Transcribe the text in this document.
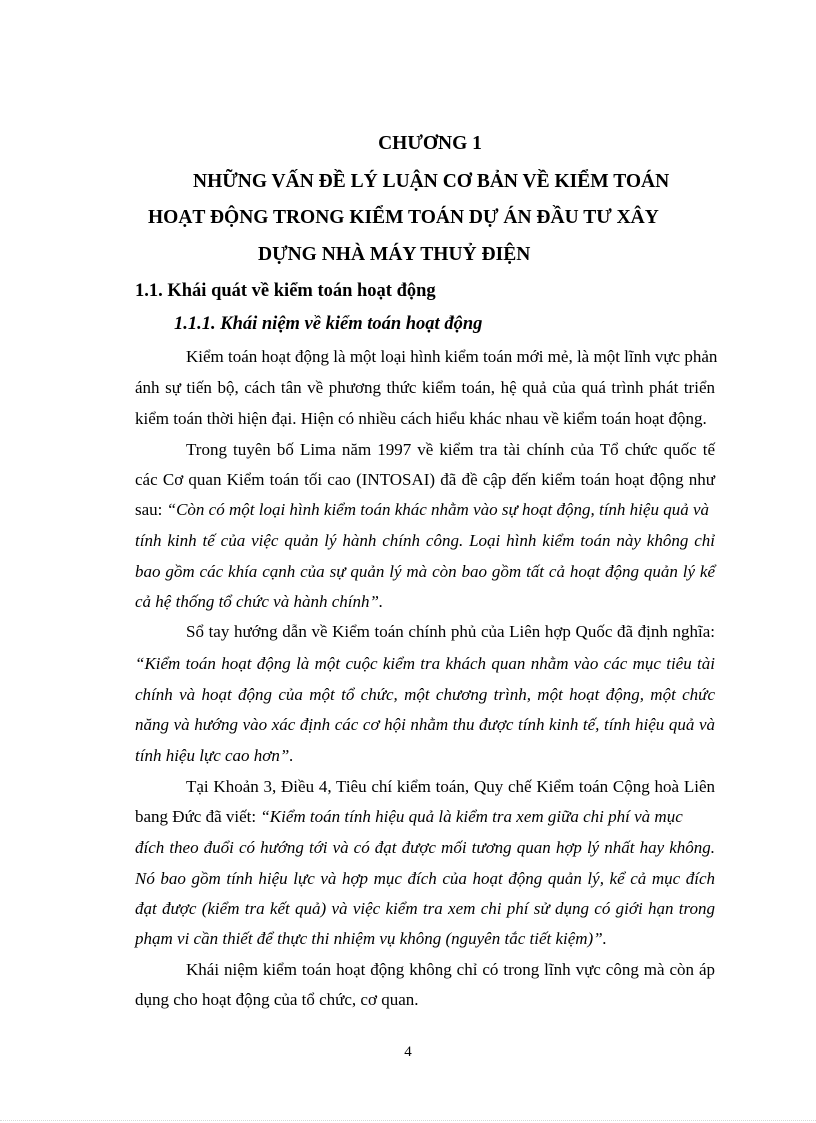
CHƯƠNG 1
NHỮNG VẤN ĐỀ LÝ LUẬN CƠ BẢN VỀ KIỂM TOÁN
HOẠT ĐỘNG TRONG KIỂM TOÁN DỰ ÁN ĐẦU TƯ XÂY
DỰNG NHÀ MÁY THUỶ ĐIỆN
1.1. Khái quát về kiểm toán hoạt động
1.1.1. Khái niệm về kiểm toán hoạt động
Kiểm toán hoạt động là một loại hình kiểm toán mới mẻ, là một lĩnh vực phản
ánh sự tiến bộ, cách tân về phương thức kiểm toán, hệ quả của quá trình phát triển
kiểm toán thời hiện đại. Hiện có nhiều cách hiểu khác nhau về kiểm toán hoạt động.
Trong tuyên bố Lima năm 1997 về kiểm tra tài chính của Tổ chức quốc tế
các Cơ quan Kiểm toán tối cao (INTOSAI) đã đề cập đến kiểm toán hoạt động như
sau: “Còn có một loại hình kiểm toán khác nhằm vào sự hoạt động, tính hiệu quả và
tính kinh tế của việc quản lý hành chính công. Loại hình kiểm toán này không chỉ
bao gồm các khía cạnh của sự quản lý mà còn bao gồm tất cả hoạt động quản lý kể
cả hệ thống tổ chức và hành chính”.
Sổ tay hướng dẫn về Kiểm toán chính phủ của Liên hợp Quốc đã định nghĩa:
“Kiểm toán hoạt động là một cuộc kiểm tra khách quan nhằm vào các mục tiêu tài
chính và hoạt động của một tổ chức, một chương trình, một hoạt động, một chức
năng và hướng vào xác định các cơ hội nhằm thu được tính kinh tế, tính hiệu quả và
tính hiệu lực cao hơn”.
Tại Khoản 3, Điều 4, Tiêu chí kiểm toán, Quy chế Kiểm toán Cộng hoà Liên
bang Đức đã viết: “Kiểm toán tính hiệu quả là kiểm tra xem giữa chi phí và mục
đích theo đuổi có hướng tới và có đạt được mối tương quan hợp lý nhất hay không.
Nó bao gồm tính hiệu lực và hợp mục đích của hoạt động quản lý, kể cả mục đích
đạt được (kiểm tra kết quả) và việc kiểm tra xem chi phí sử dụng có giới hạn trong
phạm vi cần thiết để thực thi nhiệm vụ không (nguyên tắc tiết kiệm)”.
Khái niệm kiểm toán hoạt động không chỉ có trong lĩnh vực công mà còn áp
dụng cho hoạt động của tổ chức, cơ quan.
4
